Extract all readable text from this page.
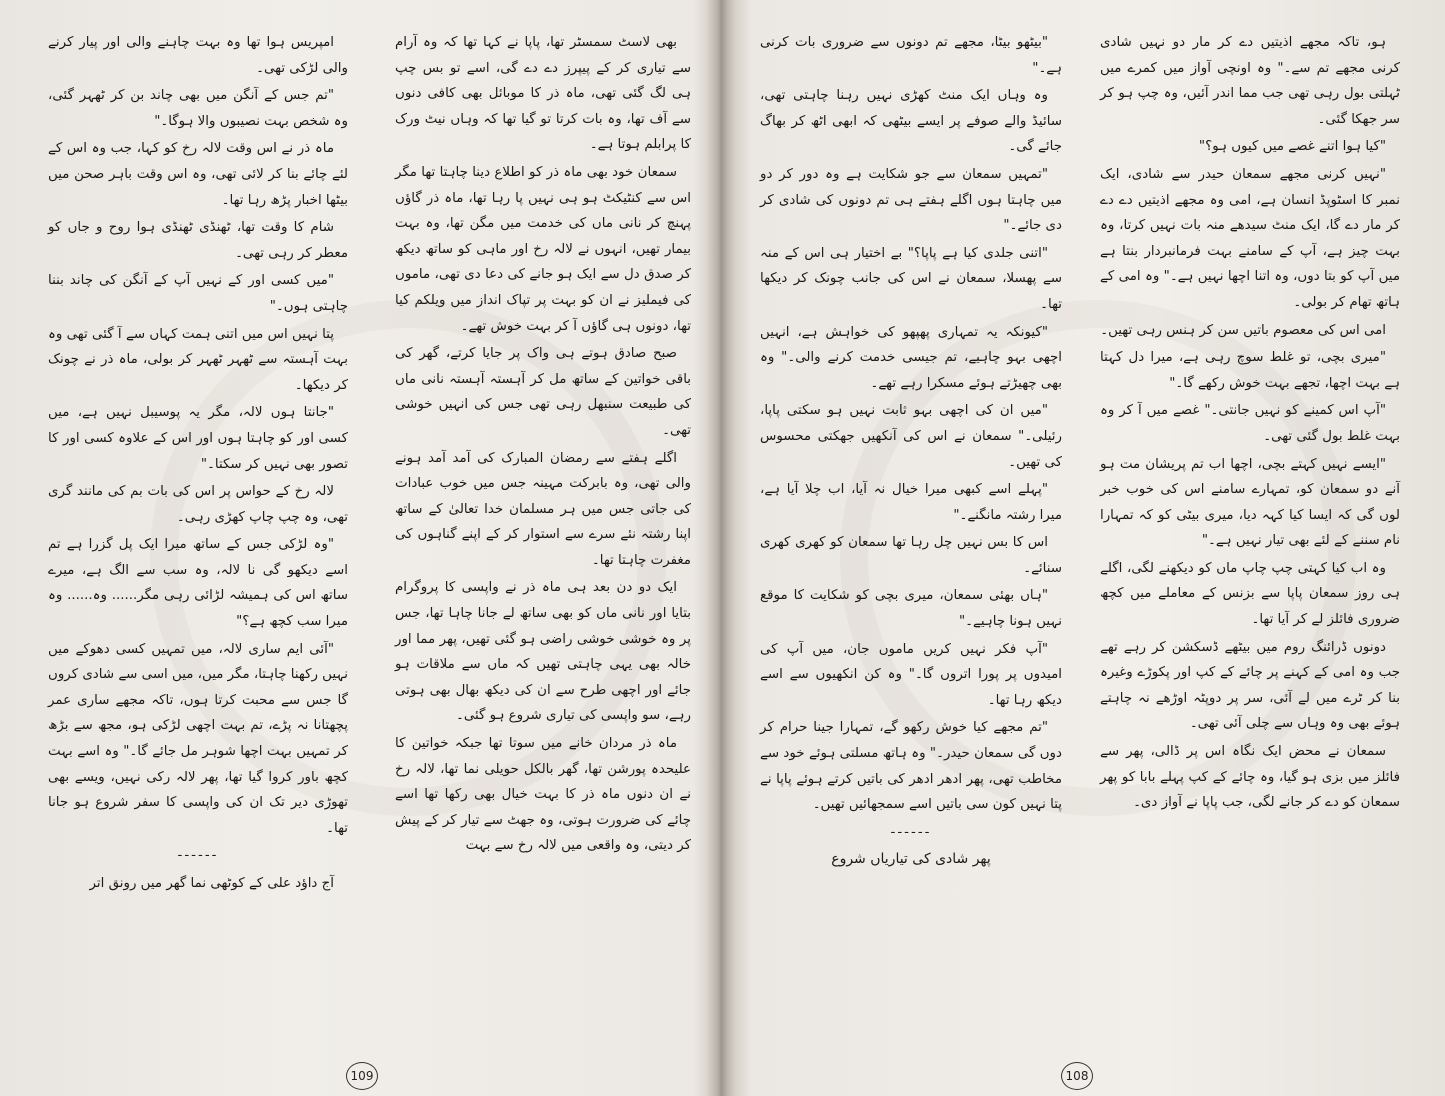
بھی لاسٹ سمسٹر تھا، پاپا نے کہا تھا کہ وہ آرام سے تیاری کر کے پیپرز دے دے گی، اسے تو بس چپ ہی لگ گئی تھی، ماہ ذر کا موبائل بھی کافی دنوں سے آف تھا، وہ بات کرتا تو گیا تھا کہ وہاں نیٹ ورک کا پرابلم ہوتا ہے۔

سمعان خود بھی ماہ ذر کو اطلاع دینا چاہتا تھا مگر اس سے کنٹیکٹ ہو ہی نہیں پا رہا تھا، ماہ ذر گاؤں پہنچ کر نانی ماں کی خدمت میں مگن تھا، وہ بہت بیمار تھیں، انہوں نے لالہ رخ اور ماہی کو ساتھ دیکھ کر صدق دل سے ایک ہو جانے کی دعا دی تھی، ماموں کی فیملیز نے ان کو بہت پر تپاک انداز میں ویلکم کیا تھا، دونوں ہی گاؤں آ کر بہت خوش تھے۔

صبح صادق ہوتے ہی واک پر جایا کرتے، گھر کی باقی خواتین کے ساتھ مل کر آہستہ آہستہ نانی ماں کی طبیعت سنبھل رہی تھی جس کی انہیں خوشی تھی۔

اگلے ہفتے سے رمضان المبارک کی آمد آمد ہونے والی تھی، وہ بابرکت مہینہ جس میں خوب عبادات کی جاتی جس میں ہر مسلمان خدا تعالیٰ کے ساتھ اپنا رشتہ نئے سرے سے استوار کر کے اپنے گناہوں کی مغفرت چاہتا تھا۔

ایک دو دن بعد ہی ماہ ذر نے واپسی کا پروگرام بتایا اور نانی ماں کو بھی ساتھ لے جانا چاہا تھا، جس پر وہ خوشی خوشی راضی ہو گئی تھیں، پھر مما اور خالہ بھی یہی چاہتی تھیں کہ ماں سے ملاقات ہو جائے اور اچھی طرح سے ان کی دیکھ بھال بھی ہوتی رہے، سو واپسی کی تیاری شروع ہو گئی۔

ماہ ذر مردان خانے میں سوتا تھا جبکہ خواتین کا علیحدہ پورشن تھا، گھر بالکل حویلی نما تھا، لالہ رخ نے ان دنوں ماہ ذر کا بہت خیال بھی رکھا تھا اسے چائے کی ضرورت ہوتی، وہ جھٹ سے تیار کر کے پیش کر دیتی، وہ واقعی میں لالہ رخ سے بہت

امپریس ہوا تھا وہ بہت چاہنے والی اور پیار کرنے والی لڑکی تھی۔

"تم جس کے آنگن میں بھی چاند بن کر ٹھہر گئی، وہ شخص بہت نصیبوں والا ہوگا۔"

ماہ ذر نے اس وقت لالہ رخ کو کہا، جب وہ اس کے لئے چائے بنا کر لائی تھی، وہ اس وقت باہر صحن میں بیٹھا اخبار پڑھ رہا تھا۔

شام کا وقت تھا، ٹھنڈی ٹھنڈی ہوا روح و جاں کو معطر کر رہی تھی۔

"میں کسی اور کے نہیں آپ کے آنگن کی چاند بننا چاہتی ہوں۔"

پتا نہیں اس میں اتنی ہمت کہاں سے آ گئی تھی وہ بہت آہستہ سے ٹھہر ٹھہر کر بولی، ماہ ذر نے چونک کر دیکھا۔

"جانتا ہوں لالہ، مگر یہ پوسیبل نہیں ہے، میں کسی اور کو چاہتا ہوں اور اس کے علاوہ کسی اور کا تصور بھی نہیں کر سکتا۔"

لالہ رخ کے حواس پر اس کی بات بم کی مانند گری تھی، وہ چپ چاپ کھڑی رہی۔

"وہ لڑکی جس کے ساتھ میرا ایک پل گزرا ہے تم اسے دیکھو گی نا لالہ، وہ سب سے الگ ہے، میرے ساتھ اس کی ہمیشہ لڑائی رہی مگر...... وہ...... وہ میرا سب کچھ ہے؟"

"آئی ایم ساری لالہ، میں تمہیں کسی دھوکے میں نہیں رکھنا چاہتا، مگر میں، میں اسی سے شادی کروں گا جس سے محبت کرتا ہوں، تاکہ مجھے ساری عمر پچھتانا نہ پڑے، تم بہت اچھی لڑکی ہو، مجھ سے بڑھ کر تمہیں بہت اچھا شوہر مل جائے گا۔" وہ اسے بہت کچھ باور کروا گیا تھا، پھر لالہ رکی نہیں، ویسے بھی تھوڑی دیر تک ان کی واپسی کا سفر شروع ہو جانا تھا۔

------

آج داؤد علی کے کوٹھی نما گھر میں رونق اتر

109

ہو، تاکہ مجھے اذیتیں دے کر مار دو نہیں شادی کرنی مجھے تم سے۔" وہ اونچی آواز میں کمرے میں ٹہلتی بول رہی تھی جب مما اندر آئیں، وہ چپ ہو کر سر جھکا گئی۔

"کیا ہوا اتنے غصے میں کیوں ہو؟"

"نہیں کرنی مجھے سمعان حیدر سے شادی، ایک نمبر کا اسٹوپڈ انسان ہے، امی وہ مجھے اذیتیں دے دے کر مار دے گا، ایک منٹ سیدھے منہ بات نہیں کرتا، وہ بہت چیز ہے، آپ کے سامنے بہت فرمانبردار بنتا ہے میں آپ کو بتا دوں، وہ اتنا اچھا نہیں ہے۔" وہ امی کے ہاتھ تھام کر بولی۔

امی اس کی معصوم باتیں سن کر ہنس رہی تھیں۔

"میری بچی، تو غلط سوچ رہی ہے، میرا دل کہتا ہے بہت اچھا، تجھے بہت خوش رکھے گا۔"

"آپ اس کمینے کو نہیں جانتی۔" غصے میں آ کر وہ بہت غلط بول گئی تھی۔

"ایسے نہیں کہتے بچی، اچھا اب تم پریشان مت ہو آنے دو سمعان کو، تمہارے سامنے اس کی خوب خبر لوں گی کہ ایسا کیا کہہ دیا، میری بیٹی کو کہ تمہارا نام سننے کے لئے بھی تیار نہیں ہے۔"

وہ اب کیا کہتی چپ چاپ ماں کو دیکھنے لگی، اگلے ہی روز سمعان پاپا سے بزنس کے معاملے میں کچھ ضروری فائلز لے کر آیا تھا۔

دونوں ڈرائنگ روم میں بیٹھے ڈسکشن کر رہے تھے جب وہ امی کے کہنے پر چائے کے کپ اور پکوڑے وغیرہ بنا کر ٹرے میں لے آئی، سر پر دوپٹہ اوڑھے نہ چاہتے ہوئے بھی وہ وہاں سے چلی آئی تھی۔

سمعان نے محض ایک نگاہ اس پر ڈالی، پھر سے فائلز میں بزی ہو گیا، وہ چائے کے کپ پہلے بابا کو پھر سمعان کو دے کر جانے لگی، جب پاپا نے آواز دی۔

"بیٹھو بیٹا، مجھے تم دونوں سے ضروری بات کرنی ہے۔"

وہ وہاں ایک منٹ کھڑی نہیں رہنا چاہتی تھی، سائیڈ والے صوفے پر ایسے بیٹھی کہ ابھی اٹھ کر بھاگ جائے گی۔

"تمہیں سمعان سے جو شکایت ہے وہ دور کر دو میں چاہتا ہوں اگلے ہفتے ہی تم دونوں کی شادی کر دی جائے۔"

"اتنی جلدی کیا ہے پاپا؟" بے اختیار ہی اس کے منہ سے پھسلا، سمعان نے اس کی جانب چونک کر دیکھا تھا۔

"کیونکہ یہ تمہاری پھپھو کی خواہش ہے، انہیں اچھی بہو چاہیے، تم جیسی خدمت کرنے والی۔" وہ بھی چھیڑتے ہوئے مسکرا رہے تھے۔

"میں ان کی اچھی بہو ثابت نہیں ہو سکتی پاپا، رئیلی۔" سمعان نے اس کی آنکھیں جھکتی محسوس کی تھیں۔

"پہلے اسے کبھی میرا خیال نہ آیا، اب چلا آیا ہے، میرا رشتہ مانگنے۔"

اس کا بس نہیں چل رہا تھا سمعان کو کھری کھری سنائے۔

"ہاں بھئی سمعان، میری بچی کو شکایت کا موقع نہیں ہونا چاہیے۔"

"آپ فکر نہیں کریں ماموں جان، میں آپ کی امیدوں پر پورا اتروں گا۔" وہ کن انکھیوں سے اسے دیکھ رہا تھا۔

"تم مجھے کیا خوش رکھو گے، تمہارا جینا حرام کر دوں گی سمعان حیدر۔" وہ ہاتھ مسلتی ہوئے خود سے مخاطب تھی، پھر ادھر ادھر کی باتیں کرتے ہوئے پاپا نے پتا نہیں کون سی باتیں اسے سمجھائیں تھیں۔

------

پھر شادی کی تیاریاں شروع

108
